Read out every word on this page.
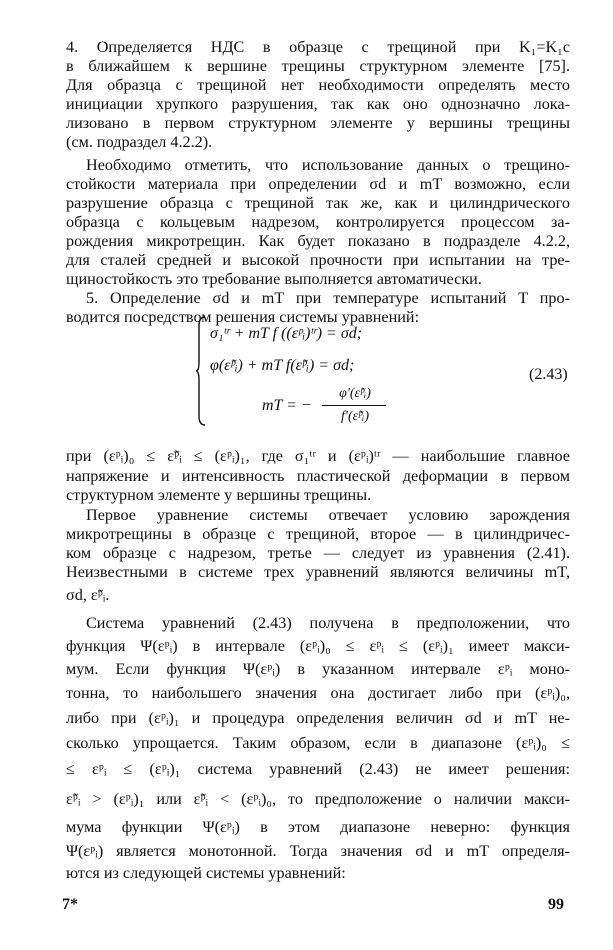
4. Определяется НДС в образце с трещиной при K₁=K₁c
в ближайшем к вершине трещины структурном элементе [75].
Для образца с трещиной нет необходимости определять место
инициации хрупкого разрушения, так как оно однозначно лока-
лизовано в первом структурном элементе у вершины трещины
(см. подраздел 4.2.2).
Необходимо отметить, что использование данных о трещино-
стойкости материала при определении σd и mT возможно, если
разрушение образца с трещиной так же, как и цилиндрического
образца с кольцевым надрезом, контролируется процессом за-
рождения микротрещин. Как будет показано в подразделе 4.2.2,
для сталей средней и высокой прочности при испытании на тре-
щиностойкость это требование выполняется автоматически.
5. Определение σd и mT при температуре испытаний T про-
водится посредством решения системы уравнений:
σ₁ᵗʳ + mT f ((εᵖᵢ)ᵗʳ) = σd;
φ(ε̃ᵖᵢ) + mT f(ε̃ᵖᵢ) = σd;
mT = −
φ′(ε̃ᵖᵢ)
f′(ε̃ᵖᵢ)
(2.43)
при (εᵖᵢ)₀ ≤ ε̃ᵖᵢ ≤ (εᵖᵢ)₁, где σ₁ᵗʳ и (εᵖᵢ)ᵗʳ — наибольшие главное
напряжение и интенсивность пластической деформации в первом
структурном элементе у вершины трещины.
Первое уравнение системы отвечает условию зарождения
микротрещины в образце с трещиной, второе — в цилиндричес-
ком образце с надрезом, третье — следует из уравнения (2.41).
Неизвестными в системе трех уравнений являются величины mT,
σd, ε̃ᵖᵢ.
Система уравнений (2.43) получена в предположении, что
функция Ψ(εᵖᵢ) в интервале (εᵖᵢ)₀ ≤ εᵖᵢ ≤ (εᵖᵢ)₁ имеет макси-
мум. Если функция Ψ(εᵖᵢ) в указанном интервале εᵖᵢ моно-
тонна, то наибольшего значения она достигает либо при (εᵖᵢ)₀,
либо при (εᵖᵢ)₁ и процедура определения величин σd и mT не-
сколько упрощается. Таким образом, если в диапазоне (εᵖᵢ)₀ ≤
≤ εᵖᵢ ≤ (εᵖᵢ)₁ система уравнений (2.43) не имеет решения:
ε̃ᵖᵢ > (εᵖᵢ)₁ или ε̃ᵖᵢ < (εᵖᵢ)₀, то предположение о наличии макси-
мума функции Ψ(εᵖᵢ) в этом диапазоне неверно: функция
Ψ(εᵖᵢ) является монотонной. Тогда значения σd и mT определя-
ются из следующей системы уравнений:
7*	99
